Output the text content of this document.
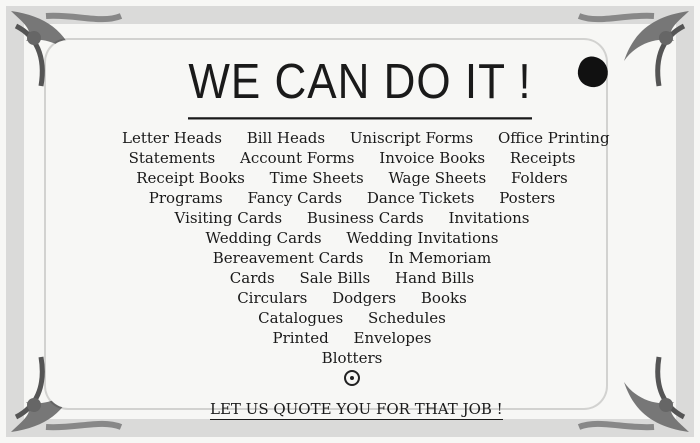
WE CAN DO IT !
Letter Heads Bill Heads Uniscript Forms Office Printing
Statements Account Forms Invoice Books Receipts
Receipt Books Time Sheets Wage Sheets Folders
Programs Fancy Cards Dance Tickets Posters
Visiting Cards Business Cards Invitations
Wedding Cards Wedding Invitations
Bereavement Cards In Memoriam
Cards Sale Bills Hand Bills
Circulars Dodgers Books
Catalogues Schedules
Printed Envelopes
Blotters
LET US QUOTE YOU FOR THAT JOB !
